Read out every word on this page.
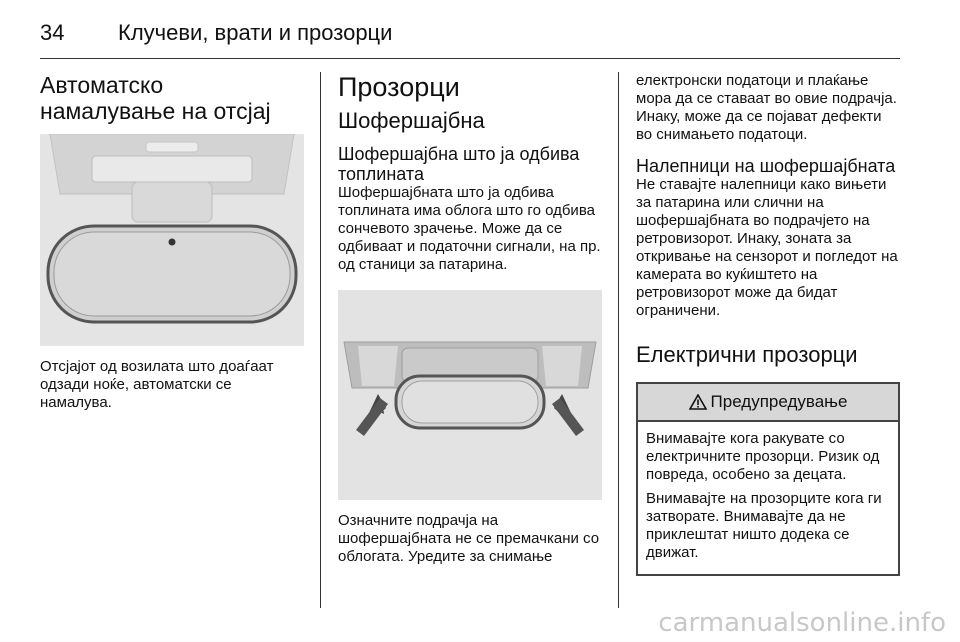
34 Клучеви, врати и прозорци
Автоматско намалување на отсјај

Отсјајот од возилата што доаѓаат одзади ноќе, автоматски се намалува.

Прозорци
Шофершајбна
Шофершајбна што ја одбива топлината

Шофершајбната што ја одбива топлината има облога што го одбива сончевото зрачење. Може да се одбиваат и податочни сигнали, на пр. од станици за патарина.

Означните подрачја на шофершајбната не се премачкани со облогата. Уредите за снимање

електронски податоци и плаќање мора да се ставаат во овие подрачја. Инаку, може да се појават дефекти во снимањето податоци.

Налепници на шофершајбната

Не ставајте налепници како вињети за патарина или слични на шофершајбната во подрачјето на ретровизорот. Инаку, зоната за откривање на сензорот и погледот на камерата во куќиштето на ретровизорот може да бидат ограничени.

Електрични прозорци
Предупредување

Внимавајте кога ракувате со електричните прозорци. Ризик од повреда, особено за децата.

Внимавајте на прозорците кога ги затворате. Внимавајте да не приклештат ништо додека се движат.

carmanualsonline.info
